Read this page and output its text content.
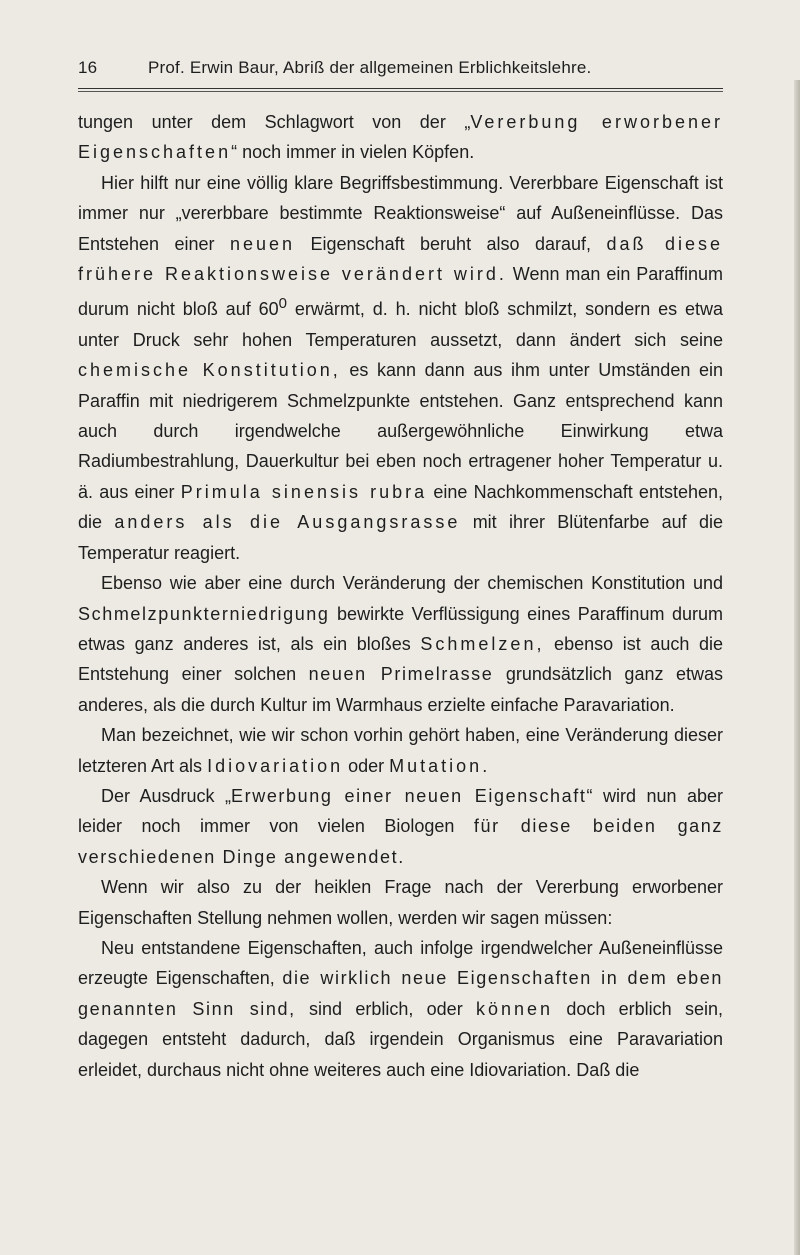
16	Prof. Erwin Baur, Abriß der allgemeinen Erblichkeitslehre.

tungen unter dem Schlagwort von der „Vererbung erworbener Eigenschaften“ noch immer in vielen Köpfen.

Hier hilft nur eine völlig klare Begriffsbestimmung. Vererbbare Eigenschaft ist immer nur „vererbbare bestimmte Reaktionsweise“ auf Außeneinflüsse. Das Entstehen einer neuen Eigenschaft beruht also darauf, daß diese frühere Reaktionsweise verändert wird. Wenn man ein Paraffinum durum nicht bloß auf $60^0$ erwärmt, d. h. nicht bloß schmilzt, sondern es etwa unter Druck sehr hohen Temperaturen aussetzt, dann ändert sich seine chemische Konstitution, es kann dann aus ihm unter Umständen ein Paraffin mit niedrigerem Schmelzpunkte entstehen. Ganz entsprechend kann auch durch irgendwelche außergewöhnliche Einwirkung etwa Radiumbestrahlung, Dauerkultur bei eben noch ertragener hoher Temperatur u. ä. aus einer Primula sinensis rubra eine Nachkommenschaft entstehen, die anders als die Ausgangsrasse mit ihrer Blütenfarbe auf die Temperatur reagiert.

Ebenso wie aber eine durch Veränderung der chemischen Konstitution und Schmelzpunkterniedrigung bewirkte Verflüssigung eines Paraffinum durum etwas ganz anderes ist, als ein bloßes Schmelzen, ebenso ist auch die Entstehung einer solchen neuen Primelrasse grundsätzlich ganz etwas anderes, als die durch Kultur im Warmhaus erzielte einfache Paravariation.

Man bezeichnet, wie wir schon vorhin gehört haben, eine Veränderung dieser letzteren Art als Idiovariation oder Mutation.

Der Ausdruck „Erwerbung einer neuen Eigenschaft“ wird nun aber leider noch immer von vielen Biologen für diese beiden ganz verschiedenen Dinge angewendet.

Wenn wir also zu der heiklen Frage nach der Vererbung erworbener Eigenschaften Stellung nehmen wollen, werden wir sagen müssen:

Neu entstandene Eigenschaften, auch infolge irgendwelcher Außeneinflüsse erzeugte Eigenschaften, die wirklich neue Eigenschaften in dem eben genannten Sinn sind, sind erblich, oder können doch erblich sein, dagegen entsteht dadurch, daß irgendein Organismus eine Paravariation erleidet, durchaus nicht ohne weiteres auch eine Idiovariation. Daß die
